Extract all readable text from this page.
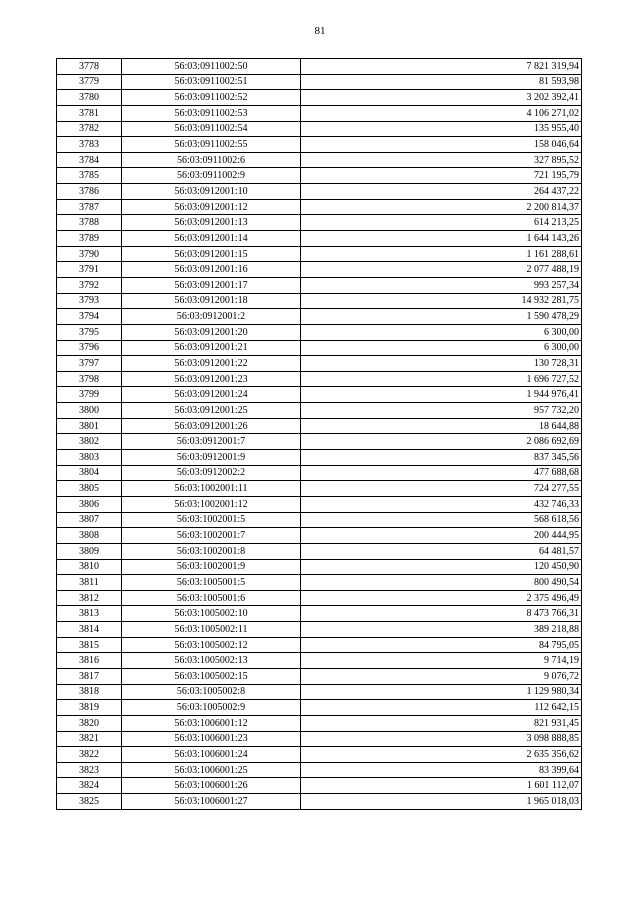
81
3778	56:03:0911002:50	7 821 319,94
3779	56:03:0911002:51	81 593,98
3780	56:03:0911002:52	3 202 392,41
3781	56:03:0911002:53	4 106 271,02
3782	56:03:0911002:54	135 955,40
3783	56:03:0911002:55	158 046,64
3784	56:03:0911002:6	327 895,52
3785	56:03:0911002:9	721 195,79
3786	56:03:0912001:10	264 437,22
3787	56:03:0912001:12	2 200 814,37
3788	56:03:0912001:13	614 213,25
3789	56:03:0912001:14	1 644 143,26
3790	56:03:0912001:15	1 161 288,61
3791	56:03:0912001:16	2 077 488,19
3792	56:03:0912001:17	993 257,34
3793	56:03:0912001:18	14 932 281,75
3794	56:03:0912001:2	1 590 478,29
3795	56:03:0912001:20	6 300,00
3796	56:03:0912001:21	6 300,00
3797	56:03:0912001:22	130 728,31
3798	56:03:0912001:23	1 696 727,52
3799	56:03:0912001:24	1 944 976,41
3800	56:03:0912001:25	957 732,20
3801	56:03:0912001:26	18 644,88
3802	56:03:0912001:7	2 086 692,69
3803	56:03:0912001:9	837 345,56
3804	56:03:0912002:2	477 688,68
3805	56:03:1002001:11	724 277,55
3806	56:03:1002001:12	432 746,33
3807	56:03:1002001:5	568 618,56
3808	56:03:1002001:7	200 444,95
3809	56:03:1002001:8	64 481,57
3810	56:03:1002001:9	120 450,90
3811	56:03:1005001:5	800 490,54
3812	56:03:1005001:6	2 375 496,49
3813	56:03:1005002:10	8 473 766,31
3814	56:03:1005002:11	389 218,88
3815	56:03:1005002:12	84 795,05
3816	56:03:1005002:13	9 714,19
3817	56:03:1005002:15	9 076,72
3818	56:03:1005002:8	1 129 980,34
3819	56:03:1005002:9	112 642,15
3820	56:03:1006001:12	821 931,45
3821	56:03:1006001:23	3 098 888,85
3822	56:03:1006001:24	2 635 356,62
3823	56:03:1006001:25	83 399,64
3824	56:03:1006001:26	1 601 112,07
3825	56:03:1006001:27	1 965 018,03
